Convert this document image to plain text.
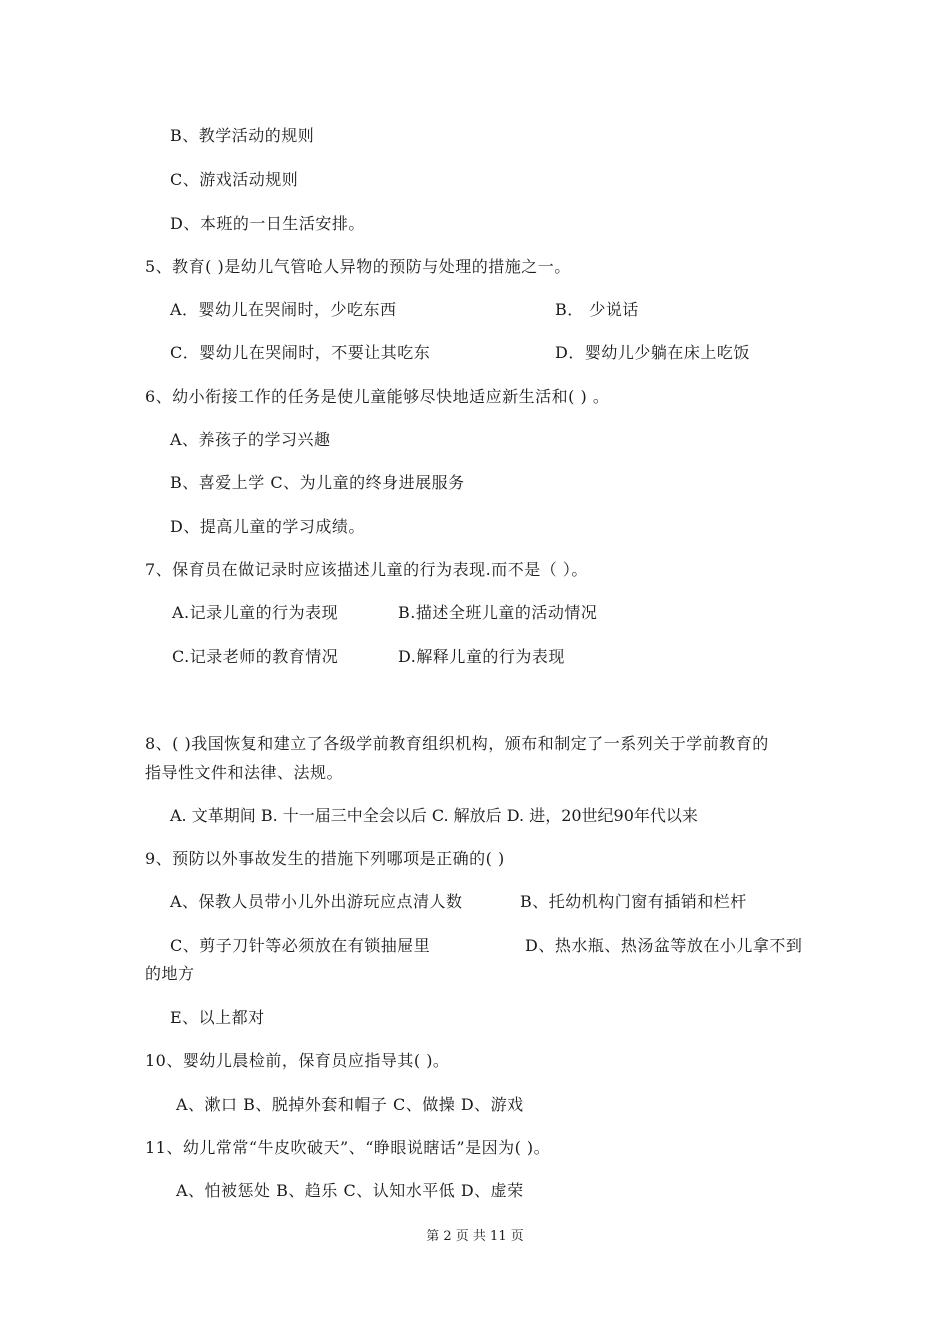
B、教学活动的规则
C、游戏活动规则
D、本班的一日生活安排。
5、教育( )是幼儿气管呛人异物的预防与处理的措施之一。
A．婴幼儿在哭闹时，少吃东西	B． 少说话
C．婴幼儿在哭闹时，不要让其吃东	D．婴幼儿少躺在床上吃饭
6、幼小衔接工作的任务是使儿童能够尽快地适应新生活和( ) 。
A、养孩子的学习兴趣
B、喜爱上学 C、为儿童的终身进展服务
D、提高儿童的学习成绩。
7、保育员在做记录时应该描述儿童的行为表现.而不是（ ）。
A.记录儿童的行为表现	B.描述全班儿童的活动情况
C.记录老师的教育情况	D.解释儿童的行为表现
8、( )我国恢复和建立了各级学前教育组织机构，颁布和制定了一系列关于学前教育的
指导性文件和法律、法规。
A. 文革期间 B. 十一届三中全会以后 C. 解放后 D. 进，20世纪90年代以来
9、预防以外事故发生的措施下列哪项是正确的( )
A、保教人员带小儿外出游玩应点清人数	B、托幼机构门窗有插销和栏杆
C、剪子刀针等必须放在有锁抽屉里	D、热水瓶、热汤盆等放在小儿拿不到
的地方
E、以上都对
10、婴幼儿晨检前，保育员应指导其( )。
A、漱口 B、脱掉外套和帽子 C、做操 D、游戏
11、幼儿常常“牛皮吹破天”、“睁眼说瞎话”是因为( )。
A、怕被惩处 B、趋乐 C、认知水平低 D、虚荣
第 2 页 共 11 页
